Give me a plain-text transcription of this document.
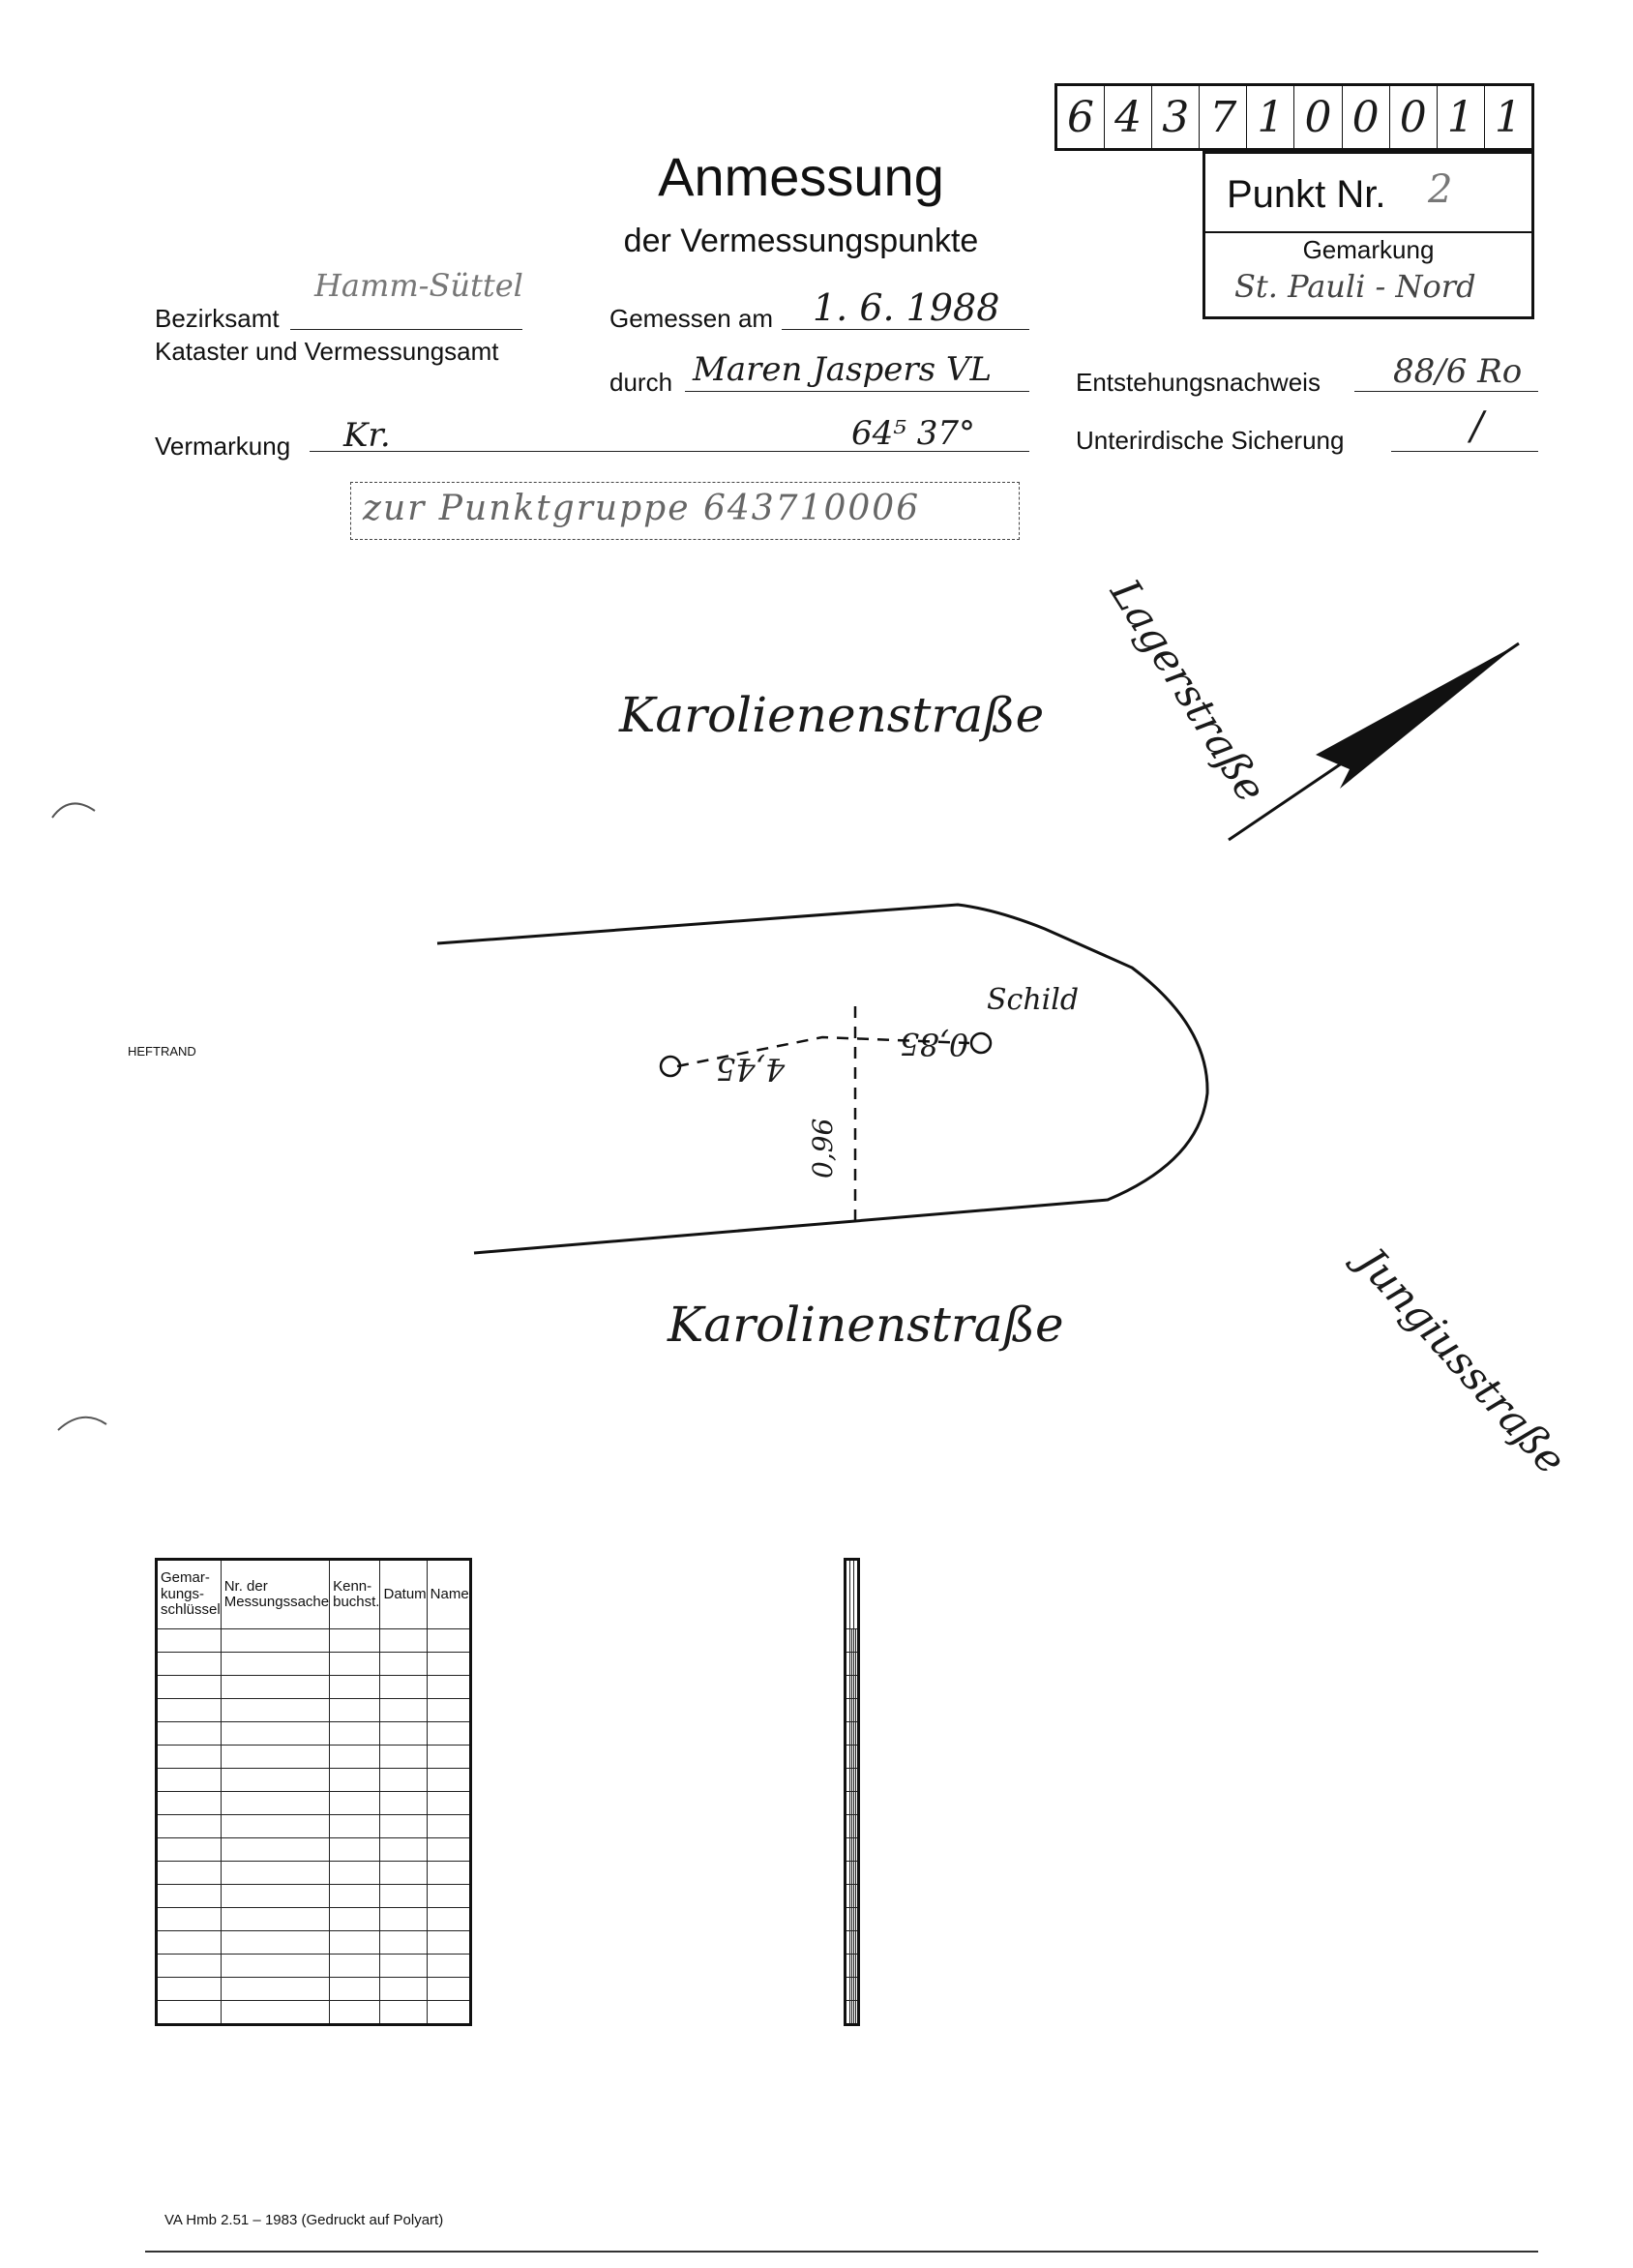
6 4 3 7 1 0 0 0 1 1
Punkt Nr. 2
Gemarkung
St. Pauli - Nord
Anmessung
der Vermessungspunkte
Bezirksamt
Hamm-Süttel
Kataster und Vermessungsamt
Gemessen am 1. 6. 1988
durch Maren Jaspers VL	Entstehungsnachweis 88/6 Ro
Vermarkung Kr.	64⁵ 37°	Unterirdische Sicherung	/
zur Punktgruppe 643710006
Karolienenstraße
Karolinenstraße
Lagerstraße
Jungiusstraße
Schild
4,45
0,85
0,96
HEFTRAND
Gemar-
kungs-
schlüssel	Nr. der
Messungssache	Kenn-
buchst.	Datum	Name

VA Hmb 2.51 – 1983 (Gedruckt auf Polyart)
